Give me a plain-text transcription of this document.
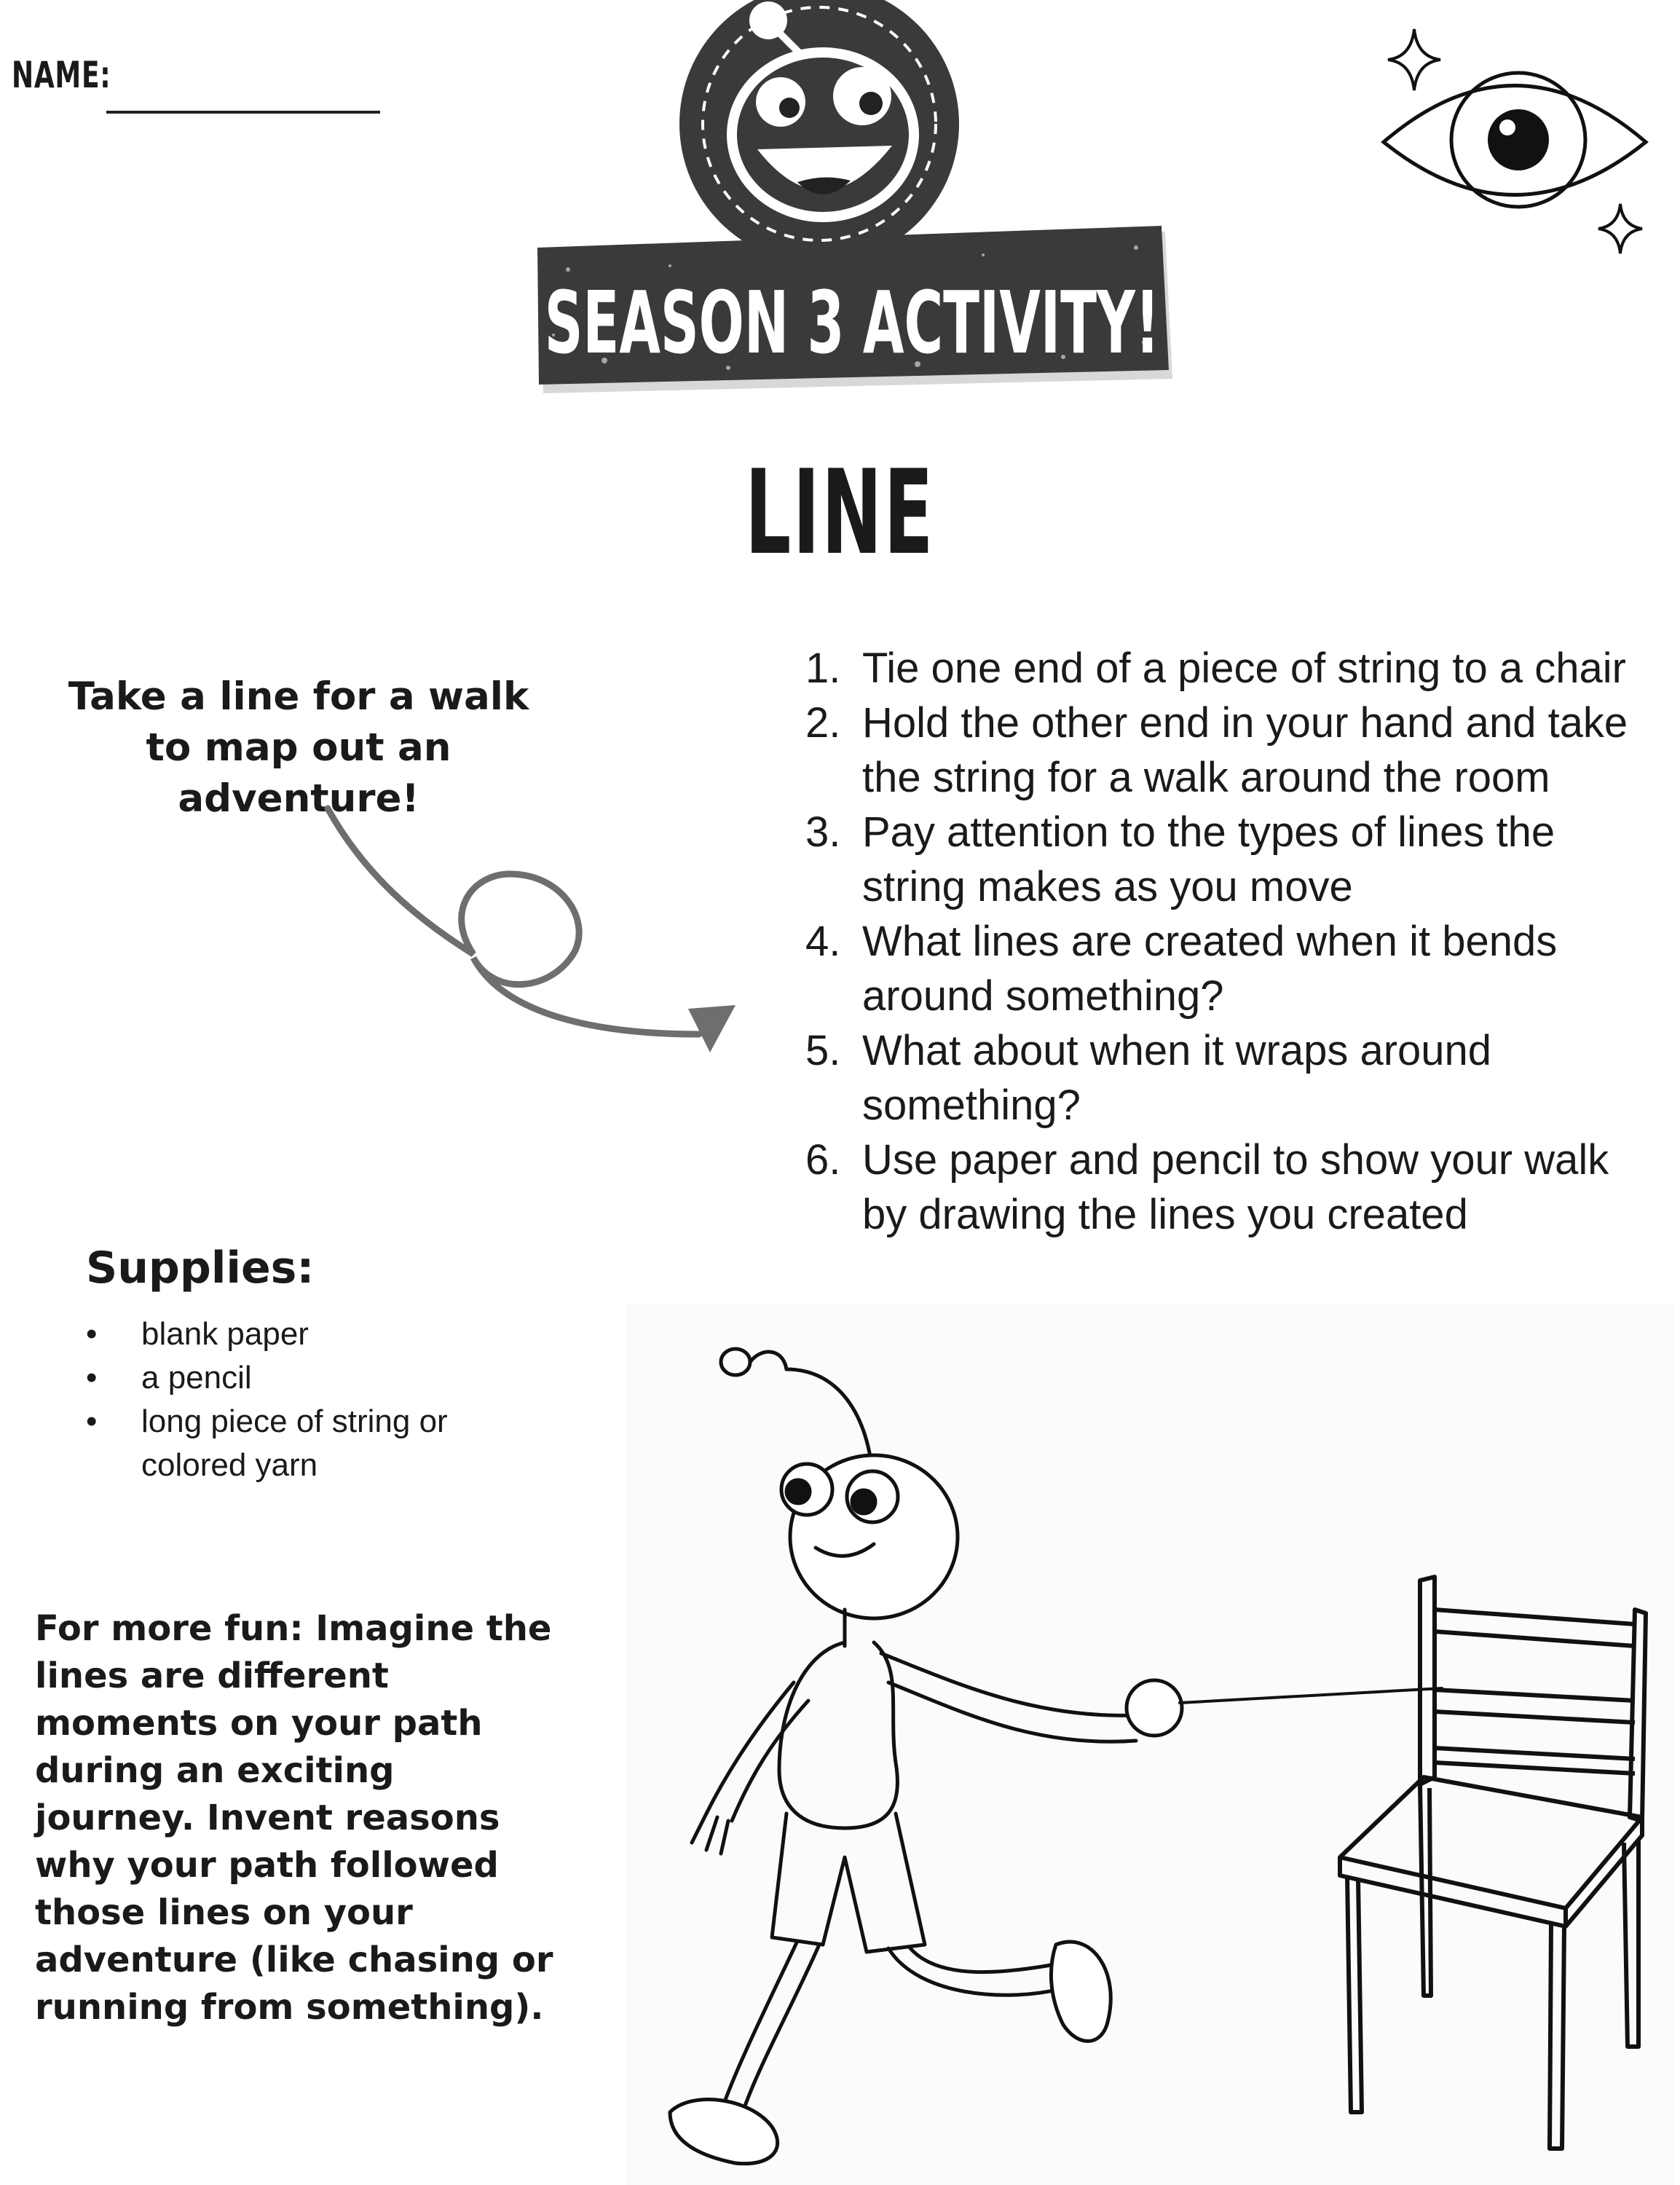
NAME:
SEASON 3 ACTIVITY!
LINE
Take a line for a walk to map out an adventure!
1. Tie one end of a piece of string to a chair
2. Hold the other end in your hand and take the string for a walk around the room
3. Pay attention to the types of lines the string makes as you move
4. What lines are created when it bends around something?
5. What about when it wraps around something?
6. Use paper and pencil to show your walk by drawing the lines you created
Supplies:
• blank paper
• a pencil
• long piece of string or colored yarn
For more fun: Imagine the lines are different moments on your path during an exciting journey. Invent reasons why your path followed those lines on your adventure (like chasing or running from something).
